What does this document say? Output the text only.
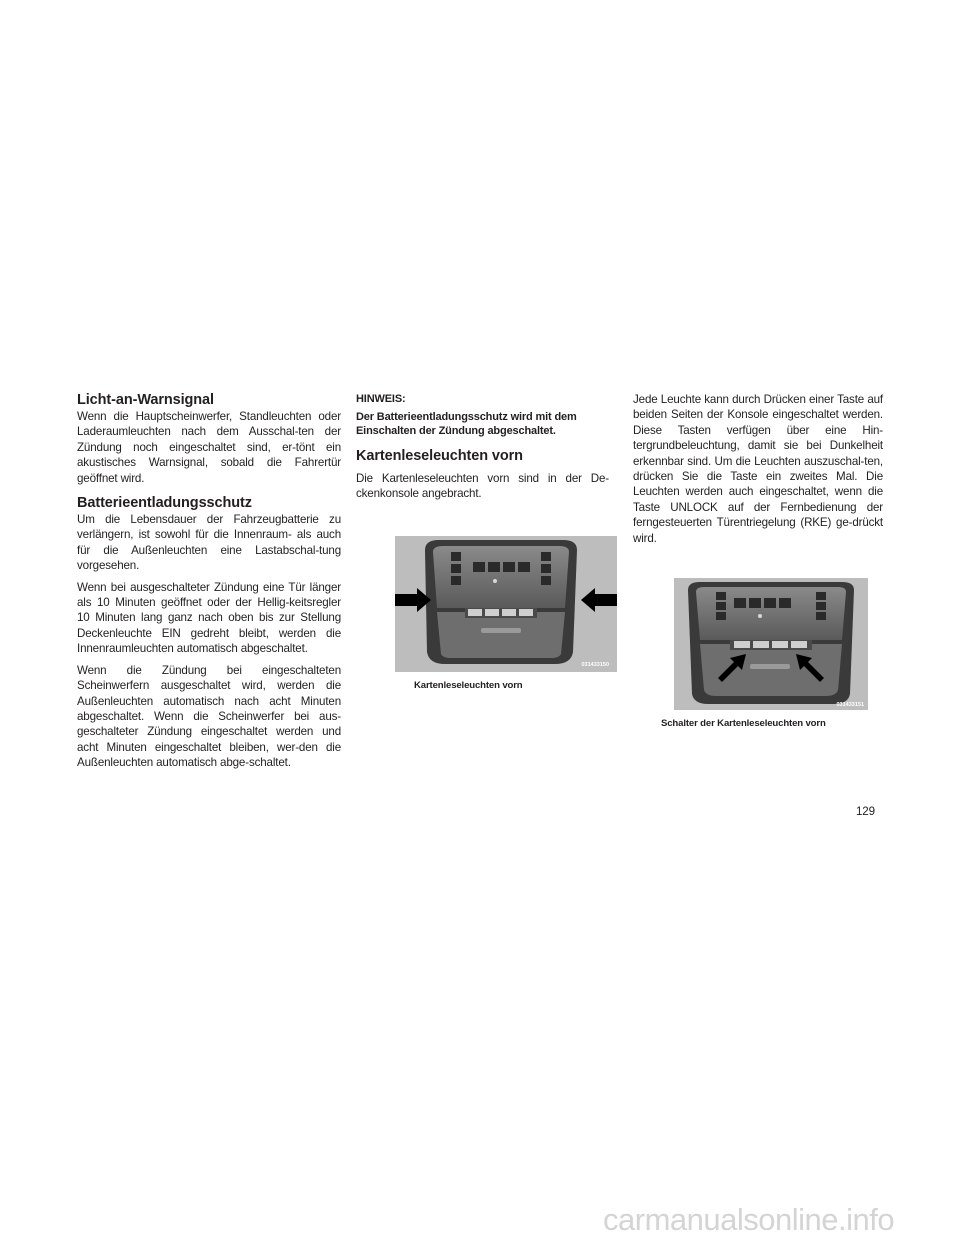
Licht-an-Warnsignal

Wenn die Hauptscheinwerfer, Standleuchten oder Laderaumleuchten nach dem Ausschal-ten der Zündung noch eingeschaltet sind, er-tönt ein akustisches Warnsignal, sobald die Fahrertür geöffnet wird.

Batterieentladungsschutz

Um die Lebensdauer der Fahrzeugbatterie zu verlängern, ist sowohl für die Innenraum- als auch für die Außenleuchten eine Lastabschal-tung vorgesehen.

Wenn bei ausgeschalteter Zündung eine Tür länger als 10 Minuten geöffnet oder der Hellig-keitsregler 10 Minuten lang ganz nach oben bis zur Stellung Deckenleuchte EIN gedreht bleibt, werden die Innenraumleuchten automatisch abgeschaltet.

Wenn die Zündung bei eingeschalteten Scheinwerfern ausgeschaltet wird, werden die Außenleuchten automatisch nach acht Minuten abgeschaltet. Wenn die Scheinwerfer bei aus-geschalteter Zündung eingeschaltet werden und acht Minuten eingeschaltet bleiben, wer-den die Außenleuchten automatisch abge-schaltet.

HINWEIS:

Der Batterieentladungsschutz wird mit dem Einschalten der Zündung abgeschaltet.

Kartenleseleuchten vorn

Die Kartenleseleuchten vorn sind in der De-ckenkonsole angebracht.

Jede Leuchte kann durch Drücken einer Taste auf beiden Seiten der Konsole eingeschaltet werden. Diese Tasten verfügen über eine Hin-tergrundbeleuchtung, damit sie bei Dunkelheit erkennbar sind. Um die Leuchten auszuschal-ten, drücken Sie die Taste ein zweites Mal. Die Leuchten werden auch eingeschaltet, wenn die Taste UNLOCK auf der Fernbedienung der ferngesteuerten Türentriegelung (RKE) ge-drückt wird.

031433150

Kartenleseleuchten vorn

031433151

Schalter der Kartenleseleuchten vorn

129

carmanualsonline.info
